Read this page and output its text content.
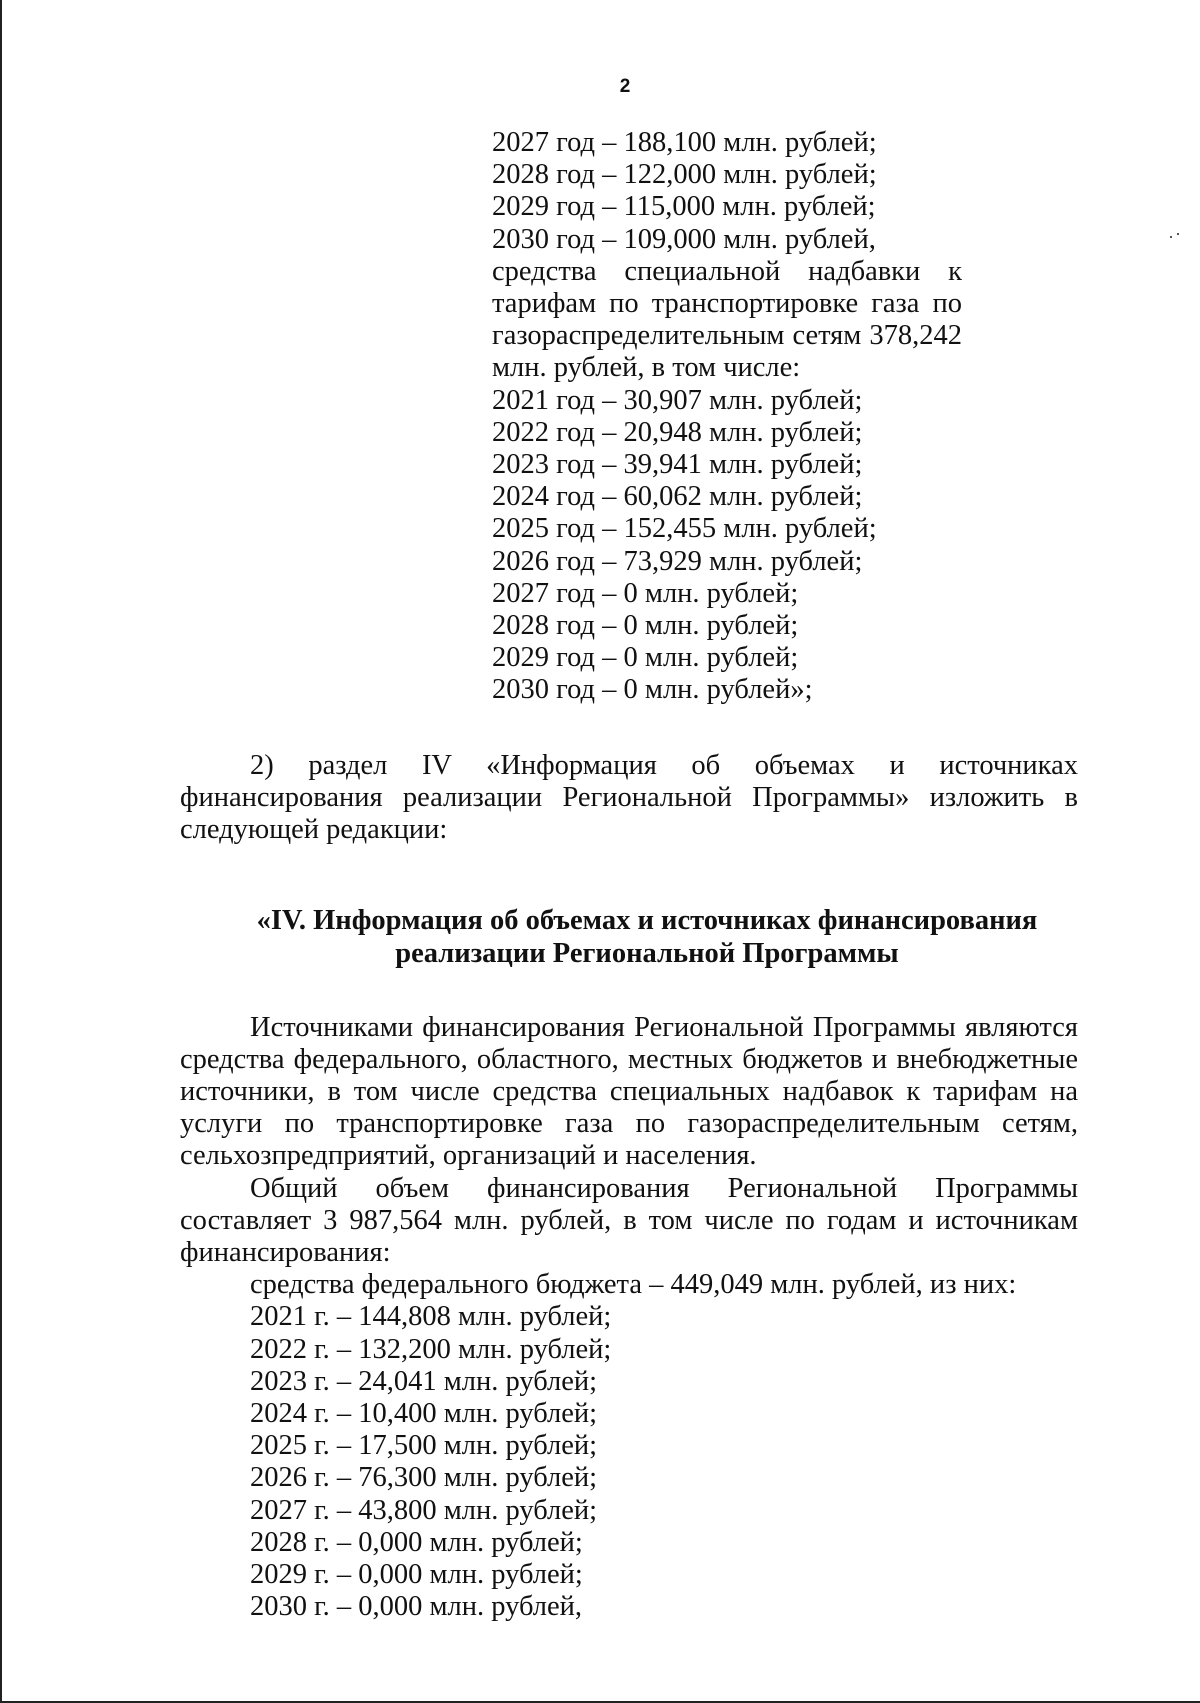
2
2027 год – 188,100 млн. рублей;
2028 год – 122,000 млн. рублей;
2029 год – 115,000 млн. рублей;
2030 год – 109,000 млн. рублей,
средства специальной надбавки к
тарифам по транспортировке газа по
газораспределительным сетям 378,242
млн. рублей, в том числе:
2021 год – 30,907 млн. рублей;
2022 год – 20,948 млн. рублей;
2023 год – 39,941 млн. рублей;
2024 год – 60,062 млн. рублей;
2025 год – 152,455 млн. рублей;
2026 год – 73,929 млн. рублей;
2027 год – 0 млн. рублей;
2028 год – 0 млн. рублей;
2029 год – 0 млн. рублей;
2030 год – 0 млн. рублей»;

2) раздел IV «Информация об объемах и источниках финансирования реализации Региональной Программы» изложить в следующей редакции:

«IV. Информация об объемах и источниках финансирования
реализации Региональной Программы

Источниками финансирования Региональной Программы являются средства федерального, областного, местных бюджетов и внебюджетные источники, в том числе средства специальных надбавок к тарифам на услуги по транспортировке газа по газораспределительным сетям, сельхозпредприятий, организаций и населения.

Общий объем финансирования Региональной Программы составляет 3 987,564 млн. рублей, в том числе по годам и источникам финансирования:

средства федерального бюджета – 449,049 млн. рублей, из них:
2021 г. – 144,808 млн. рублей;
2022 г. – 132,200 млн. рублей;
2023 г. – 24,041 млн. рублей;
2024 г. – 10,400 млн. рублей;
2025 г. – 17,500 млн. рублей;
2026 г. – 76,300 млн. рублей;
2027 г. – 43,800 млн. рублей;
2028 г. – 0,000 млн. рублей;
2029 г. – 0,000 млн. рублей;
2030 г. – 0,000 млн. рублей,
